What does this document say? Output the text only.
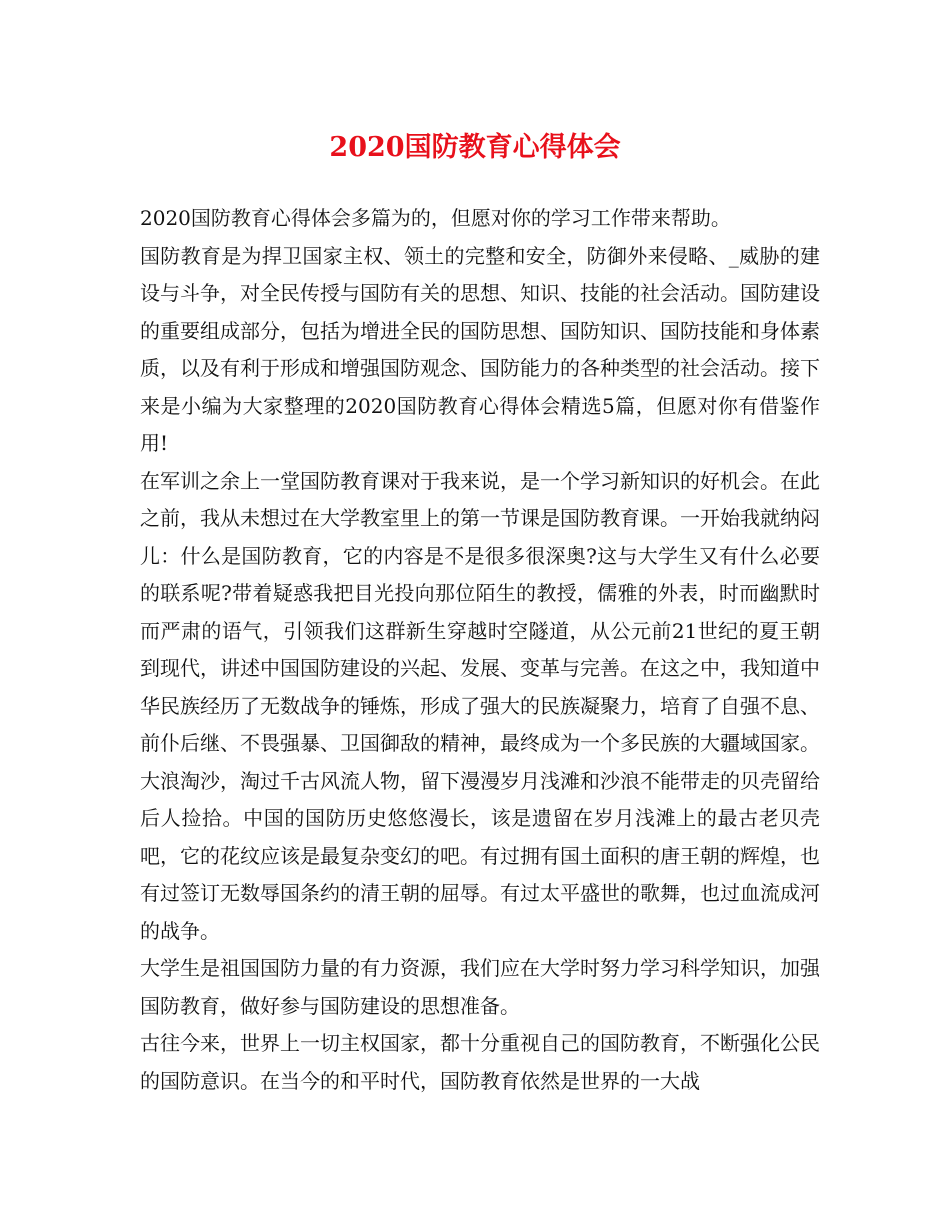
2020国防教育心得体会

2020国防教育心得体会多篇为的，但愿对你的学习工作带来帮助。

国防教育是为捍卫国家主权、领土的完整和安全，防御外来侵略、_威胁的建设与斗争，对全民传授与国防有关的思想、知识、技能的社会活动。国防建设的重要组成部分，包括为增进全民的国防思想、国防知识、国防技能和身体素质，以及有利于形成和增强国防观念、国防能力的各种类型的社会活动。接下来是小编为大家整理的2020国防教育心得体会精选5篇，但愿对你有借鉴作用!

在军训之余上一堂国防教育课对于我来说，是一个学习新知识的好机会。在此之前，我从未想过在大学教室里上的第一节课是国防教育课。一开始我就纳闷儿：什么是国防教育，它的内容是不是很多很深奥?这与大学生又有什么必要的联系呢?带着疑惑我把目光投向那位陌生的教授，儒雅的外表，时而幽默时而严肃的语气，引领我们这群新生穿越时空隧道，从公元前21世纪的夏王朝到现代，讲述中国国防建设的兴起、发展、变革与完善。在这之中，我知道中华民族经历了无数战争的锤炼，形成了强大的民族凝聚力，培育了自强不息、前仆后继、不畏强暴、卫国御敌的精神，最终成为一个多民族的大疆域国家。

大浪淘沙，淘过千古风流人物，留下漫漫岁月浅滩和沙浪不能带走的贝壳留给后人捡拾。中国的国防历史悠悠漫长，该是遗留在岁月浅滩上的最古老贝壳吧，它的花纹应该是最复杂变幻的吧。有过拥有国土面积的唐王朝的辉煌，也有过签订无数辱国条约的清王朝的屈辱。有过太平盛世的歌舞，也过血流成河的战争。

大学生是祖国国防力量的有力资源，我们应在大学时努力学习科学知识，加强国防教育，做好参与国防建设的思想准备。

古往今来，世界上一切主权国家，都十分重视自己的国防教育，不断强化公民的国防意识。在当今的和平时代，国防教育依然是世界的一大战
